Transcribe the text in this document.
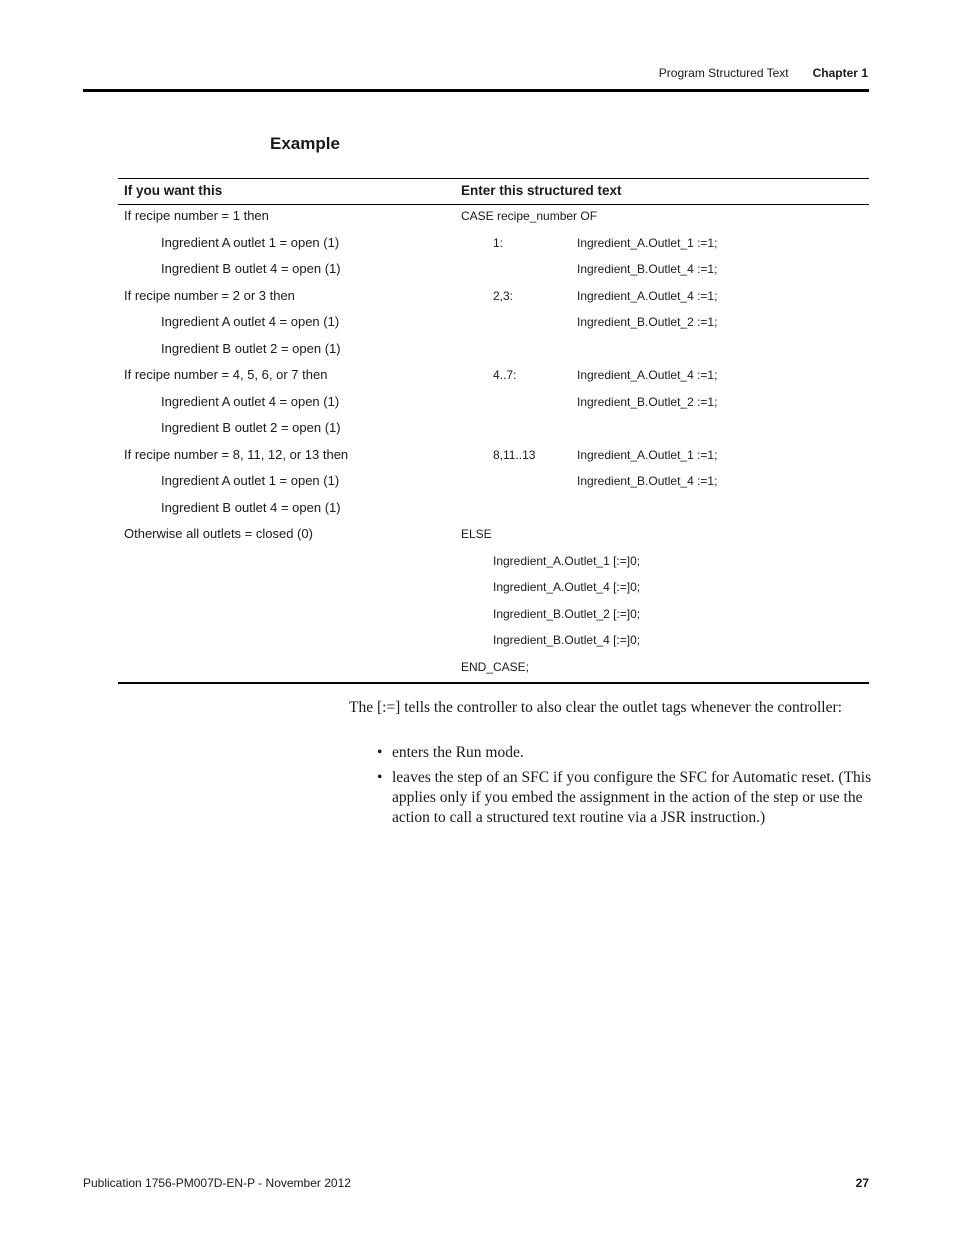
Program Structured Text Chapter 1
Example
If you want this	Enter this structured text
If recipe number = 1 then	CASE recipe_number OF
Ingredient A outlet 1 = open (1)	1:	Ingredient_A.Outlet_1 :=1;
Ingredient B outlet 4 = open (1)	Ingredient_B.Outlet_4 :=1;
If recipe number = 2 or 3 then	2,3:	Ingredient_A.Outlet_4 :=1;
Ingredient A outlet 4 = open (1)	Ingredient_B.Outlet_2 :=1;
Ingredient B outlet 2 = open (1)
If recipe number = 4, 5, 6, or 7 then	4..7:	Ingredient_A.Outlet_4 :=1;
Ingredient A outlet 4 = open (1)	Ingredient_B.Outlet_2 :=1;
Ingredient B outlet 2 = open (1)
If recipe number = 8, 11, 12, or 13 then	8,11..13	Ingredient_A.Outlet_1 :=1;
Ingredient A outlet 1 = open (1)	Ingredient_B.Outlet_4 :=1;
Ingredient B outlet 4 = open (1)
Otherwise all outlets = closed (0)	ELSE
Ingredient_A.Outlet_1 [:=]0;
Ingredient_A.Outlet_4 [:=]0;
Ingredient_B.Outlet_2 [:=]0;
Ingredient_B.Outlet_4 [:=]0;
END_CASE;
The [:=] tells the controller to also clear the outlet tags whenever the controller:
• enters the Run mode.
• leaves the step of an SFC if you configure the SFC for Automatic reset. (This applies only if you embed the assignment in the action of the step or use the action to call a structured text routine via a JSR instruction.)
Publication 1756-PM007D-EN-P - November 2012	27
